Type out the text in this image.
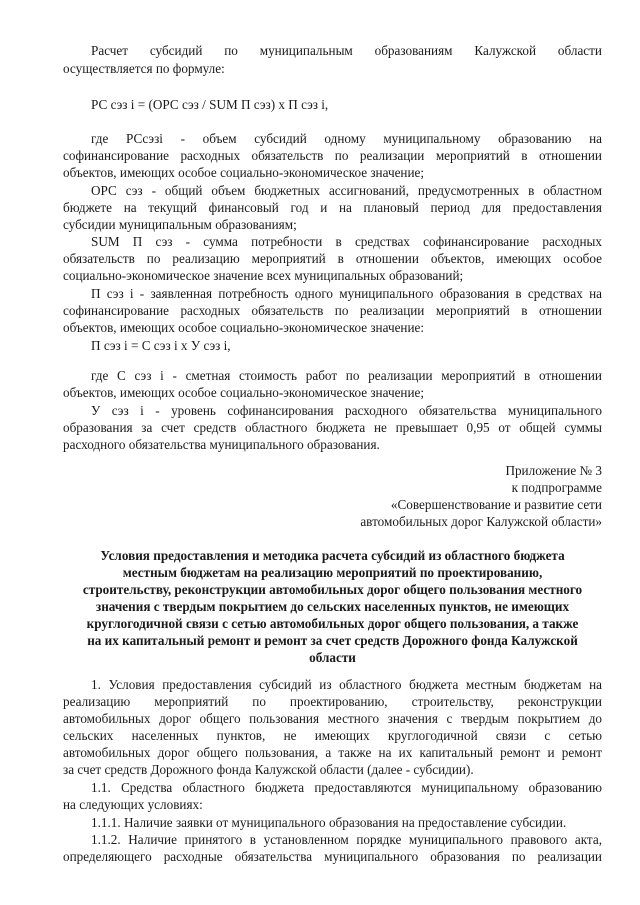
Расчет субсидий по муниципальным образованиям Калужской области
осуществляется по формуле:
РС сэз i = (ОРС сэз / SUM П сэз) x П сэз i,
где РСсэзi - объем субсидий одному муниципальному образованию на
софинансирование расходных обязательств по реализации мероприятий в отношении
объектов, имеющих особое социально-экономическое значение;
ОРС сэз - общий объем бюджетных ассигнований, предусмотренных в областном
бюджете на текущий финансовый год и на плановый период для предоставления
субсидии муниципальным образованиям;
SUM П сэз - сумма потребности в средствах софинансирование расходных
обязательств по реализацию мероприятий в отношении объектов, имеющих особое
социально-экономическое значение всех муниципальных образований;
П сэз i - заявленная потребность одного муниципального образования в средствах на
софинансирование расходных обязательств по реализации мероприятий в отношении
объектов, имеющих особое социально-экономическое значение:
П сэз i = С сэз i х У сэз i,
где С сэз i - сметная стоимость работ по реализации мероприятий в отношении
объектов, имеющих особое социально-экономическое значение;
У сэз i - уровень софинансирования расходного обязательства муниципального
образования за счет средств областного бюджета не превышает 0,95 от общей суммы
расходного обязательства муниципального образования.
Приложение № 3
к подпрограмме
«Совершенствование и развитие сети
автомобильных дорог Калужской области»
Условия предоставления и методика расчета субсидий из областного бюджета
местным бюджетам на реализацию мероприятий по проектированию,
строительству, реконструкции автомобильных дорог общего пользования местного
значения с твердым покрытием до сельских населенных пунктов, не имеющих
круглогодичной связи с сетью автомобильных дорог общего пользования, а также
на их капитальный ремонт и ремонт за счет средств Дорожного фонда Калужской
области
1. Условия предоставления субсидий из областного бюджета местным бюджетам на
реализацию мероприятий по проектированию, строительству, реконструкции
автомобильных дорог общего пользования местного значения с твердым покрытием до
сельских населенных пунктов, не имеющих круглогодичной связи с сетью
автомобильных дорог общего пользования, а также на их капитальный ремонт и ремонт
за счет средств Дорожного фонда Калужской области (далее - субсидии).
1.1. Средства областного бюджета предоставляются муниципальному образованию
на следующих условиях:
1.1.1. Наличие заявки от муниципального образования на предоставление субсидии.
1.1.2. Наличие принятого в установленном порядке муниципального правового акта,
определяющего расходные обязательства муниципального образования по реализации
